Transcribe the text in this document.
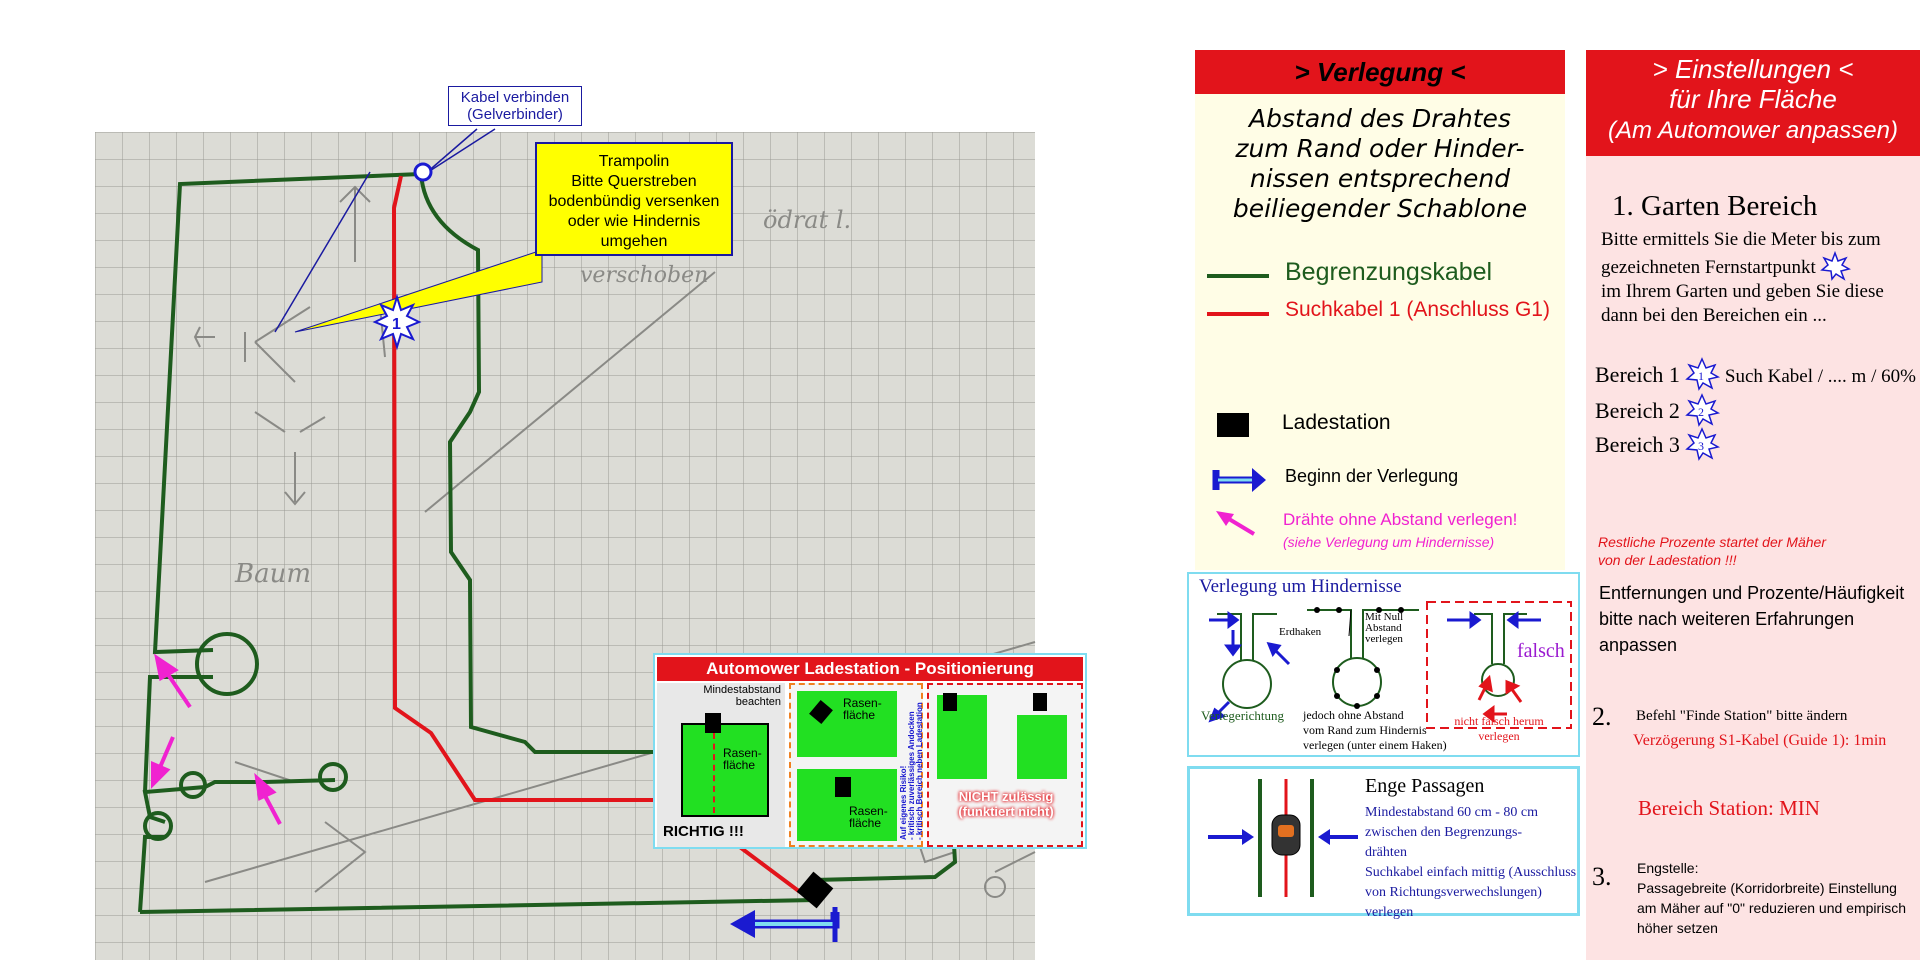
Baum
verschoben
ödrat l.
1
Automower Ladestation - Positionierung
Mindestabstand
beachten
Rasen-
fläche
RICHTIG !!!
Rasen-
fläche
Rasen-
fläche	Auf eigenes Risiko!
- kritisch zuverlässiges Andocken
- kritisch Bereich neben Ladestation	NICHT zulässig
(funktiert nicht)
Kabel verbinden
(Gelverbinder)
Trampolin
Bitte Querstreben
bodenbündig versenken
oder wie Hindernis
umgehen
> Verlegung <
Abstand des Drahtes
zum Rand oder Hinder-
nissen entsprechend
beiliegender Schablone
Begrenzungskabel
Suchkabel 1 (Anschluss G1)
Ladestation
Beginn der Verlegung
Drähte ohne Abstand verlegen!
(siehe Verlegung um Hindernisse)
Verlegung um Hindernisse
Erdhaken
Mit Null
Abstand
verlegen
falsch
Verlegerichtung jedoch ohne Abstand
vom Rand zum Hindernis
verlegen (unter einem Haken)
nicht falsch herum
verlegen
Enge Passagen
Mindestabstand 60 cm - 80 cm
zwischen den Begrenzungs-
drähten
Suchkabel einfach mittig (Ausschluss
von Richtungsverwechslungen) verlegen
> Einstellungen <
für Ihre Fläche
(Am Automower anpassen)
1. Garten Bereich
Bitte ermittels Sie die Meter bis zum
gezeichneten Fernstartpunkt
im Ihrem Garten und geben Sie diese
dann bei den Bereichen ein ...
Bereich 1 1 Such Kabel / .... m / 60%
Bereich 2 2
Bereich 3 3
Restliche Prozente startet der Mäher
von der Ladestation !!!
Entfernungen und Prozente/Häufigkeit
bitte nach weiteren Erfahrungen anpassen
2. Befehl "Finde Station" bitte ändern
Verzögerung S1-Kabel (Guide 1): 1min
Bereich Station: MIN
3. Engstelle:
Passagebreite (Korridorbreite) Einstellung
am Mäher auf "0" reduzieren und empirisch
höher setzen
